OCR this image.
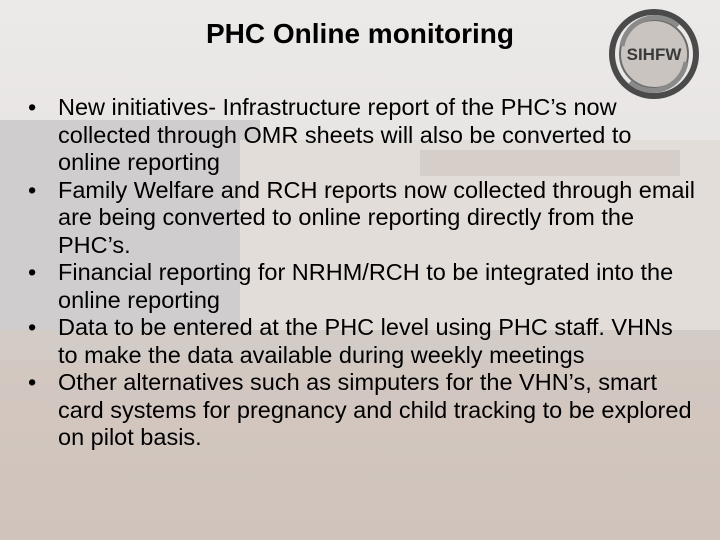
PHC Online monitoring
SIHFW
• New initiatives- Infrastructure report of the PHC’s now collected through OMR sheets will also be converted to online reporting
• Family Welfare and RCH reports now collected through email are being converted to online reporting directly from the PHC’s.
• Financial reporting for NRHM/RCH to be integrated into the online reporting
• Data to be entered at the PHC level using PHC staff. VHNs to make the data available during weekly meetings
• Other alternatives such as simputers for the VHN’s, smart card systems for pregnancy and child tracking to be explored on pilot basis.
